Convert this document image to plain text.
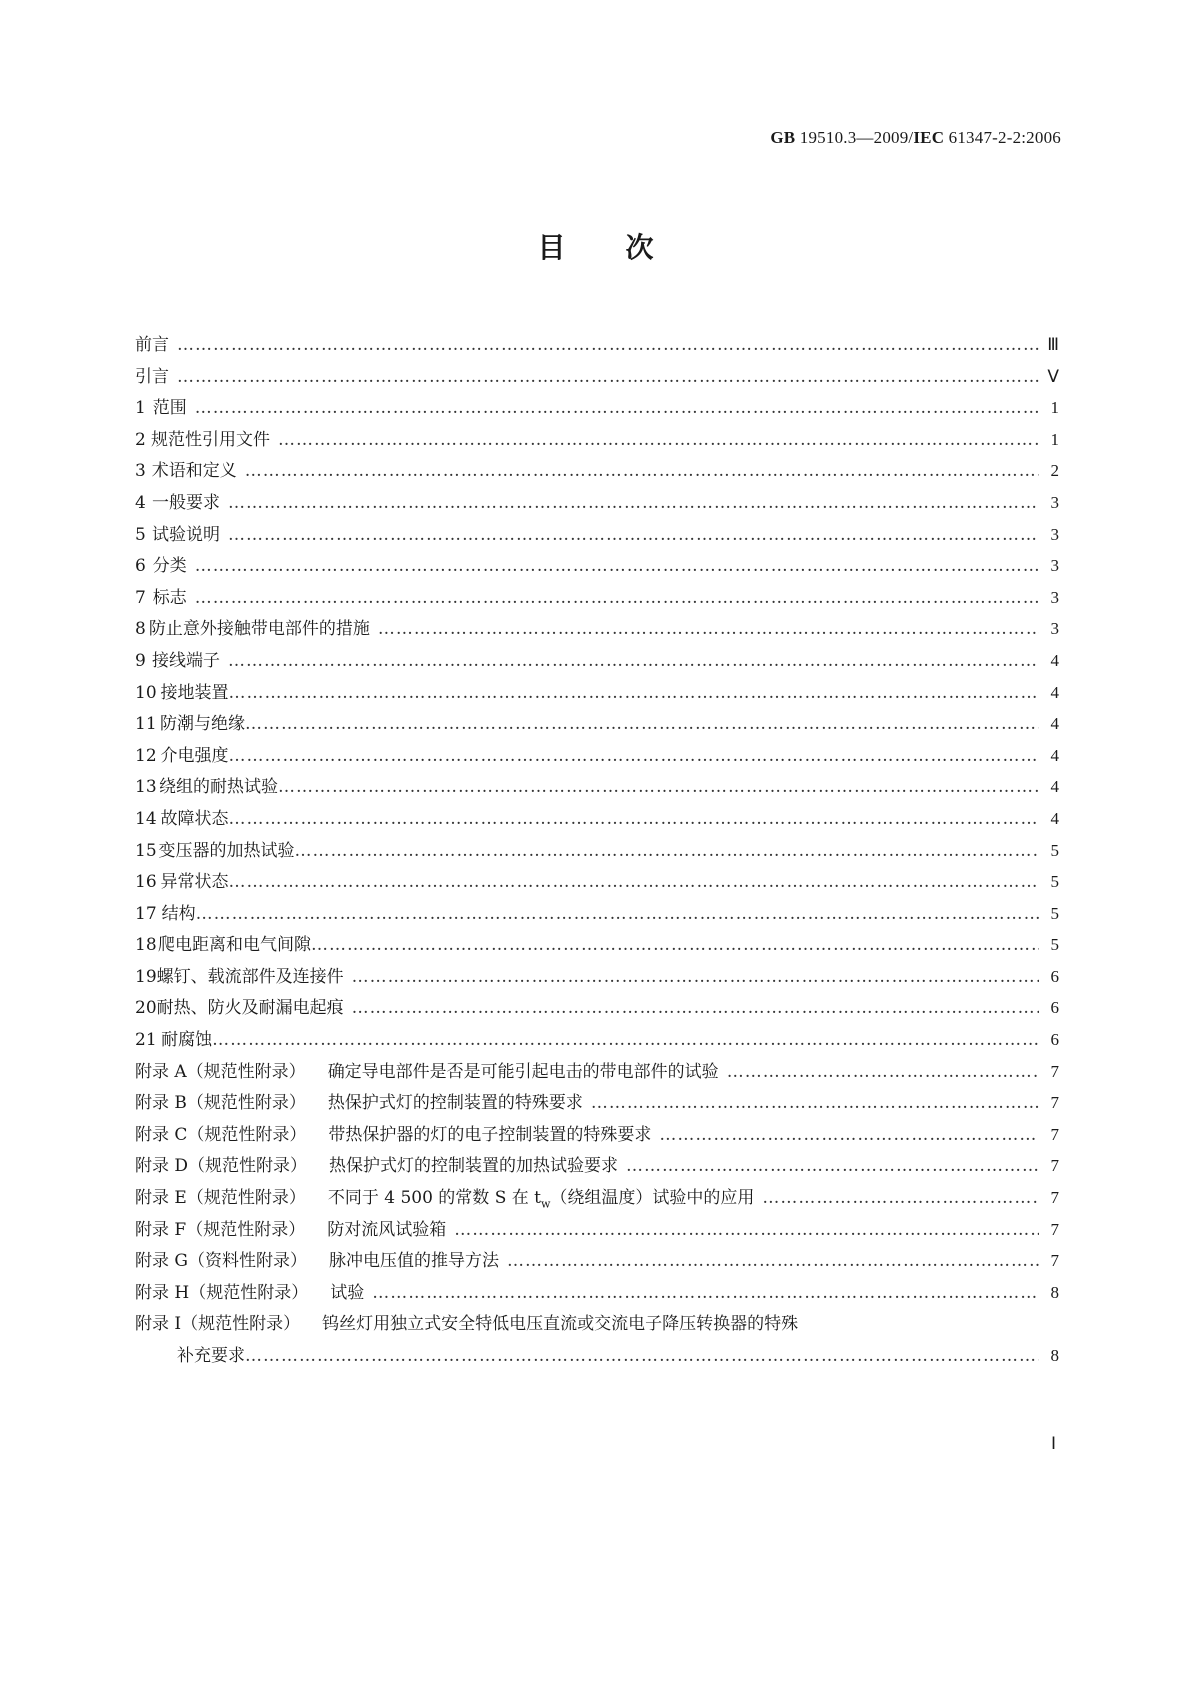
GB 19510.3—2009/IEC 61347-2-2:2006
目次
前言 ……………………………………………………………………………………………………………………………………………………………………………………………………	Ⅲ
引言 ……………………………………………………………………………………………………………………………………………………………………………………………………	Ⅴ
1 范围 ……………………………………………………………………………………………………………………………………………………………………………………………………	1
2 规范性引用文件 ……………………………………………………………………………………………………………………………………………………………………………………………………	1
3 术语和定义 ……………………………………………………………………………………………………………………………………………………………………………………………………	2
4 一般要求 ……………………………………………………………………………………………………………………………………………………………………………………………………	3
5 试验说明 ……………………………………………………………………………………………………………………………………………………………………………………………………	3
6 分类 ……………………………………………………………………………………………………………………………………………………………………………………………………	3
7 标志 ……………………………………………………………………………………………………………………………………………………………………………………………………	3
8 防止意外接触带电部件的措施 ……………………………………………………………………………………………………………………………………………………………………………………………………	3
9 接线端子 ……………………………………………………………………………………………………………………………………………………………………………………………………	4
10 接地装置 ……………………………………………………………………………………………………………………………………………………………………………………………………	4
11 防潮与绝缘 ……………………………………………………………………………………………………………………………………………………………………………………………………	4
12 介电强度 ……………………………………………………………………………………………………………………………………………………………………………………………………	4
13 绕组的耐热试验 ……………………………………………………………………………………………………………………………………………………………………………………………………	4
14 故障状态 ……………………………………………………………………………………………………………………………………………………………………………………………………	4
15 变压器的加热试验 ……………………………………………………………………………………………………………………………………………………………………………………………………	5
16 异常状态 ……………………………………………………………………………………………………………………………………………………………………………………………………	5
17 结构 ……………………………………………………………………………………………………………………………………………………………………………………………………	5
18 爬电距离和电气间隙 ……………………………………………………………………………………………………………………………………………………………………………………………………	5
19 螺钉、载流部件及连接件 ……………………………………………………………………………………………………………………………………………………………………………………………………	6
20 耐热、防火及耐漏电起痕 ……………………………………………………………………………………………………………………………………………………………………………………………………	6
21 耐腐蚀 ……………………………………………………………………………………………………………………………………………………………………………………………………	6
附录 A（规范性附录） 确定导电部件是否是可能引起电击的带电部件的试验 ……………………………………………………………………………………………………………………………………………………………………………………………………	7
附录 B（规范性附录） 热保护式灯的控制装置的特殊要求 ……………………………………………………………………………………………………………………………………………………………………………………………………	7
附录 C（规范性附录） 带热保护器的灯的电子控制装置的特殊要求 ……………………………………………………………………………………………………………………………………………………………………………………………………	7
附录 D（规范性附录） 热保护式灯的控制装置的加热试验要求 ……………………………………………………………………………………………………………………………………………………………………………………………………	7
附录 E（规范性附录） 不同于 4 500 的常数 S 在 $t_w$（绕组温度）试验中的应用 ……………………………………………………………………………………………………………………………………………………………………………………………………	7
附录 F（规范性附录） 防对流风试验箱 ……………………………………………………………………………………………………………………………………………………………………………………………………	7
附录 G（资料性附录） 脉冲电压值的推导方法 ……………………………………………………………………………………………………………………………………………………………………………………………………	7
附录 H（规范性附录） 试验 ……………………………………………………………………………………………………………………………………………………………………………………………………	8
附录 I（规范性附录） 钨丝灯用独立式安全特低电压直流或交流电子降压转换器的特殊
补充要求 ……………………………………………………………………………………………………………………………………………………………………………………………………	8
Ⅰ
